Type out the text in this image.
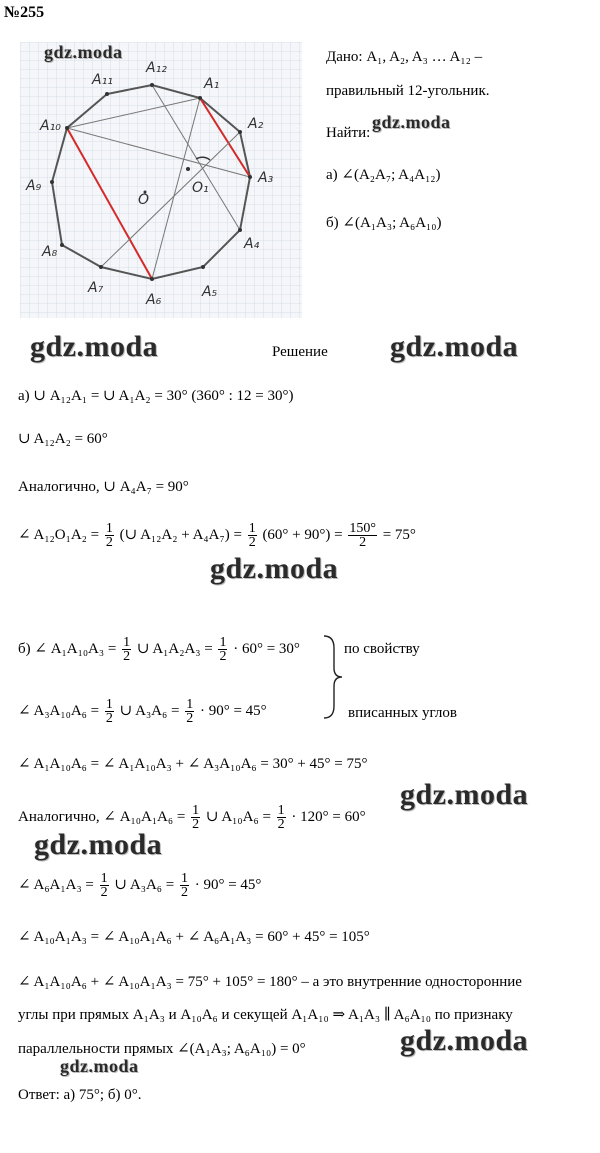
№255
A₁
A₂
A₃
A₄
A₅
A₆
A₇
A₈
A₉
A₁₀
A₁₁
A₁₂
O
O₁
gdz.moda	Дано: A₁, A₂, A₃ … A₁₂ –
правильный 12-угольник.
Найти:
gdz.moda
а) ∠(A₂A₇; A₄A₁₂)
б) ∠(A₁A₃; A₆A₁₀)
gdz.moda	Решение gdz.moda
а) ∪ A₁₂A₁ = ∪ A₁A₂ = 30° (360° : 12 = 30°)
∪ A₁₂A₂ = 60°
Аналогично, ∪ A₄A₇ = 90°
∠ $A_{12}O_1A_2 = \frac{1}{2}$ (∪ $A_{12}A_2 + A_4A_7) = \frac{1}{2} (60^\circ + 90^\circ) = \frac{150^\circ}{2} = 75^\circ$
gdz.moda
б) ∠ $A_1A_{10}A_3 = \frac{1}{2}$ ∪ $A_1A_2A_3 = \frac{1}{2} \cdot 60^\circ = 30^\circ$	по свойству
∠ $A_3A_{10}A_6 = \frac{1}{2}$ ∪ $A_3A_6 = \frac{1}{2} \cdot 90^\circ = 45^\circ$	вписанных углов
∠ A₁A₁₀A₆ = ∠ A₁A₁₀A₃ + ∠ A₃A₁₀A₆ = 30° + 45° = 75°
gdz.moda
Аналогично, ∠ $A_{10}A_1A_6 = \frac{1}{2}$ ∪ $A_{10}A_6 = \frac{1}{2} \cdot 120^\circ = 60^\circ$
gdz.moda
∠ $A_6A_1A_3 = \frac{1}{2}$ ∪ $A_3A_6 = \frac{1}{2} \cdot 90^\circ = 45^\circ$
∠ A₁₀A₁A₃ = ∠ A₁₀A₁A₆ + ∠ A₆A₁A₃ = 60° + 45° = 105°
∠ A₁A₁₀A₆ + ∠ A₁₀A₁A₃ = 75° + 105° = 180° – а это внутренние односторонние
углы при прямых A₁A₃ и A₁₀A₆ и секущей A₁A₁₀ ⇒ A₁A₃ ∥ A₆A₁₀ по признаку
параллельности прямых ∠(A₁A₃; A₆A₁₀) = 0°	gdz.moda
gdz.moda
Ответ: а) 75°; б) 0°.
